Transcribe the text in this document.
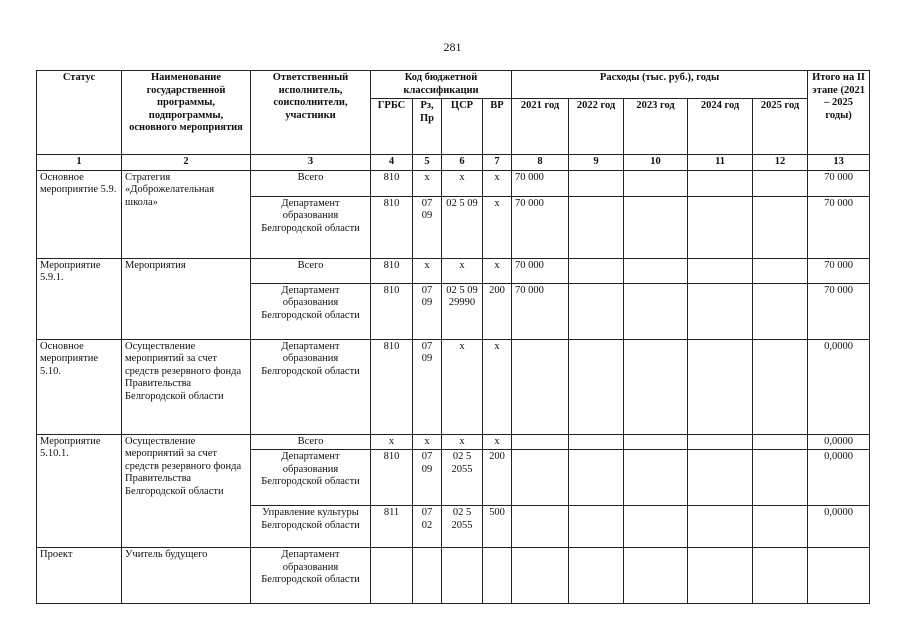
281
Статус	Наименование государственной программы, подпрограммы, основного мероприятия	Ответственный исполнитель, соисполнители, участники	Код бюджетной классификации				Расходы (тыс. руб.), годы					Итого на II этапе (2021 – 2025 годы)
			ГРБС	Рз, Пр	ЦСР	ВР	2021 год	2022 год	2023 год	2024 год	2025 год	
1	2	3	4	5	6	7	8	9	10	11	12	13
Основное мероприятие 5.9.	Стратегия «Доброжелательная школа»	Всего	810	х	х	х	70 000					70 000
		Департамент образования Белгородской области	810	07 09	02 5 09	х	70 000					70 000
Мероприятие 5.9.1.	Мероприятия	Всего	810	х	х	х	70 000					70 000
		Департамент образования Белгородской области	810	07 09	02 5 09 29990	200	70 000					70 000
Основное мероприятие 5.10.	Осуществление мероприятий за счет средств резервного фонда Правительства Белгородской области	Департамент образования Белгородской области	810	07 09	х	х						0,0000
Мероприятие 5.10.1.	Осуществление мероприятий за счет средств резервного фонда Правительства Белгородской области	Всего	х	х	х	х						0,0000
		Департамент образования Белгородской области	810	07 09	02 5 2055	200						0,0000
		Управление культуры Белгородской области	811	07 02	02 5 2055	500						0,0000
Проект	Учитель будущего	Департамент образования Белгородской области										
